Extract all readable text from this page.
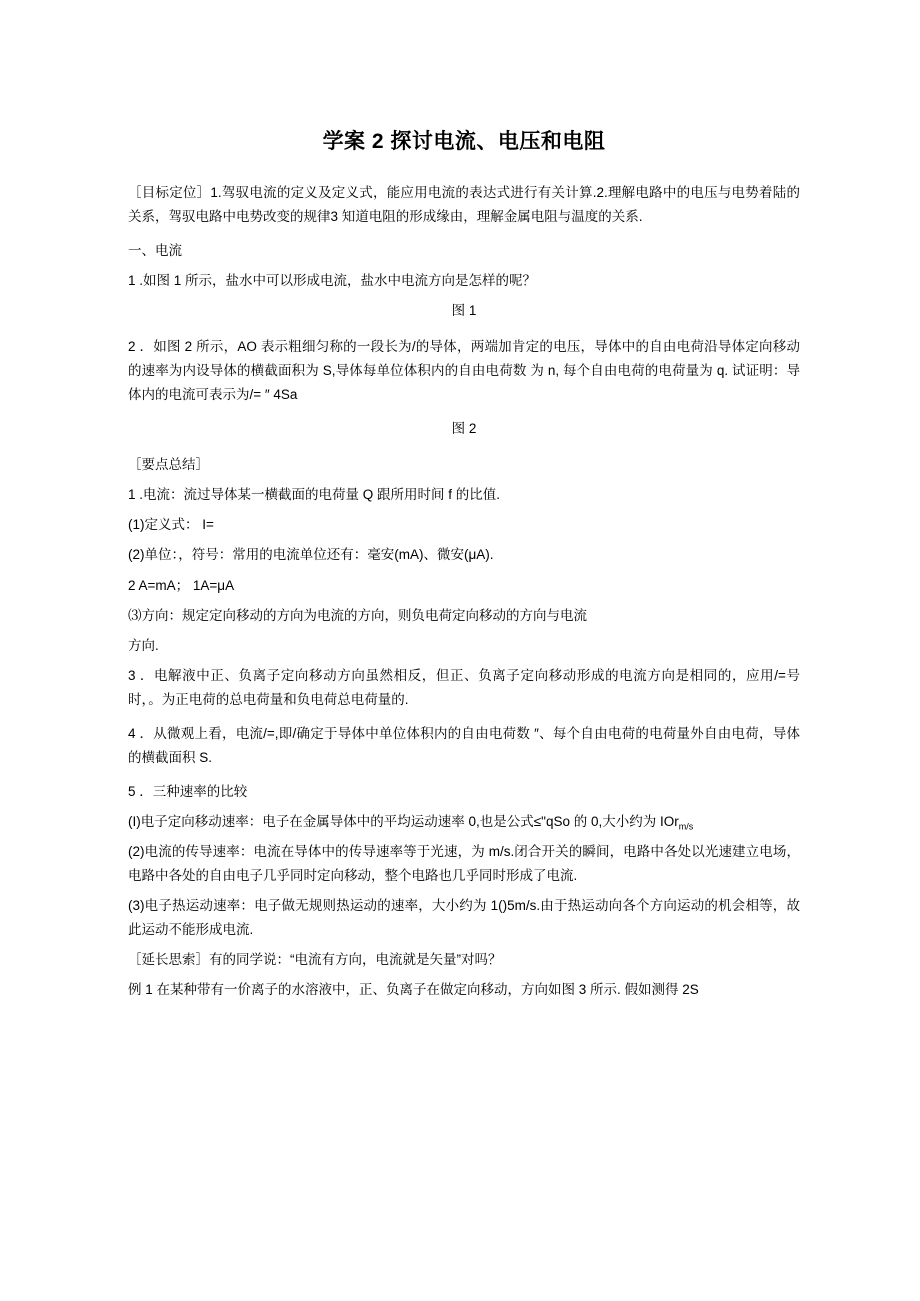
学案 2 探讨电流、电压和电阻

［目标定位］1.驾驭电流的定义及定义式，能应用电流的表达式进行有关计算.2.理解电路中的电压与电势着陆的关系，驾驭电路中电势改变的规律3 知道电阻的形成缘由，理解金属电阻与温度的关系.

一、电流

1 .如图 1 所示，盐水中可以形成电流，盐水中电流方向是怎样的呢？

图 1

2 ．如图 2 所示，AO 表示粗细匀称的一段长为/的导体，两端加肯定的电压，导体中的自由电荷沿导体定向移动的速率为内设导体的横截面积为 S,导体每单位体积内的自由电荷数 为 n, 每个自由电荷的电荷量为 q. 试证明：导体内的电流可表示为/= ″ 4Sa

图 2

［要点总结］

1 .电流：流过导体某一横截面的电荷量 Q 跟所用时间 f 的比值.

(1)定义式： I=

(2)单位：，符号：常用的电流单位还有：毫安(mA)、微安(μA).

2 A=mA； 1A=μA

⑶方向：规定定向移动的方向为电流的方向，则负电荷定向移动的方向与电流

方向.

3 ．电解液中正、负离子定向移动方向虽然相反，但正、负离子定向移动形成的电流方向是相同的，应用/=号时，。为正电荷的总电荷量和负电荷总电荷量的.

4 ．从微观上看，电流/=,即/确定于导体中单位体积内的自由电荷数 ″、每个自由电荷的电荷量外自由电荷，导体的横截面积 S.

5 ．三种速率的比较

(I)电子定向移动速率：电子在金属导体中的平均运动速率 0,也是公式≤"qSo 的 0,大小约为 IOr$_{m/s}$

(2)电流的传导速率：电流在导体中的传导速率等于光速，为 m/s.闭合开关的瞬间，电路中各处以光速建立电场，电路中各处的自由电子几乎同时定向移动，整个电路也几乎同时形成了电流.

(3)电子热运动速率：电子做无规则热运动的速率，大小约为 1()5m/s.由于热运动向各个方向运动的机会相等，故此运动不能形成电流.

［延长思索］有的同学说：“电流有方向，电流就是矢量”对吗？

例 1 在某种带有一价离子的水溶液中，正、负离子在做定向移动，方向如图 3 所示. 假如测得 2S
